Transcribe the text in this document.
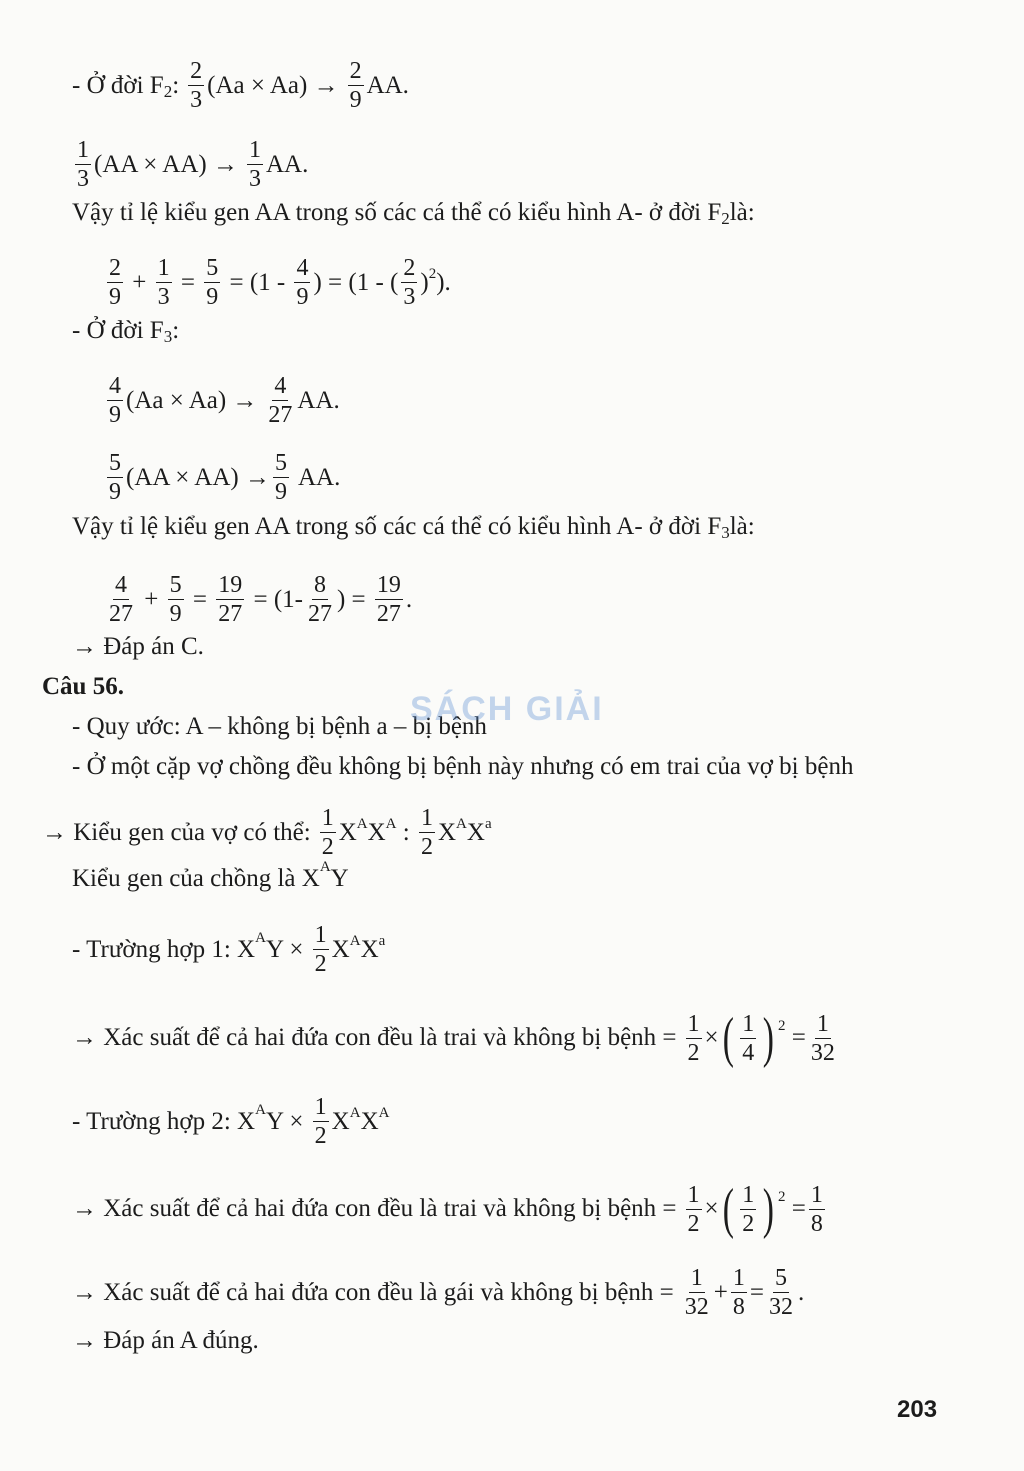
- Ở đời $F_2$ : $\frac{2}{3} (Aa \times Aa) \to \frac{2}{9}$ AA.
$\frac{1}{3} (AA \times AA) \to \frac{1}{3}$ AA.
Vậy tỉ lệ kiểu gen AA trong số các cá thể có kiểu hình A- ở đời $F_2$ là:
$\frac{2}{9} + \frac{1}{3} = \frac{5}{9} = (1 - \frac{4}{9}$ ) = (1 - ( $\frac{2}{3} )^2$).
- Ở đời $F_3$ :
$\frac{4}{9} (Aa \times Aa) \to \frac{4}{27}$ AA.
$\frac{5}{9} (AA \times AA) \to \frac{5}{9}$ AA.
Vậy tỉ lệ kiểu gen AA trong số các cá thể có kiểu hình A- ở đời $F_3$ là:
$\frac{4}{27} + \frac{5}{9} = \frac{19}{27} = (1- \frac{8}{27}$ ) = $\frac{19}{27}$ .
→ Đáp án C.
Câu 56.
- Quy ước: A – không bị bệnh a – bị bệnh
SÁCH GIẢI
- Ở một cặp vợ chồng đều không bị bệnh này nhưng có em trai của vợ bị bệnh
→ Kiểu gen của vợ có thể: $\frac{1}{2} X^AX^A$ : $\frac{1}{2} X^AX^a$
Kiểu gen của chồng là $X^A$ Y
- Trường hợp 1: $X^A$ $Y \times \frac{1}{2} X^AX^a$
→ Xác suất để cả hai đứa con đều là trai và không bị bệnh = $\frac{1}{2}$ × ( $\frac{1}{4} )^2 = \frac{1}{32}$
- Trường hợp 2: $X^A$ $Y \times \frac{1}{2} X^AX^A$
→ Xác suất để cả hai đứa con đều là trai và không bị bệnh = $\frac{1}{2}$ × ( $\frac{1}{2} )^2 = \frac{1}{8}$
→ Xác suất để cả hai đứa con đều là gái và không bị bệnh = $\frac{1}{32} + \frac{1}{8} = \frac{5}{32}$ .
→ Đáp án A đúng.
203
